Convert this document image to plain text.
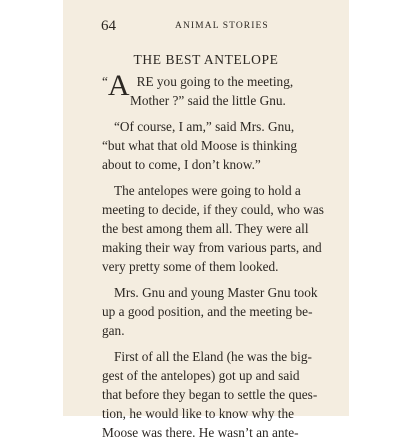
64	ANIMAL STORIES
THE BEST ANTELOPE
“A RE you going to the meeting,
Mother ?” said the little Gnu.
“Of course, I am,” said Mrs. Gnu,
“but what that old Moose is thinking
about to come, I don’t know.”
The antelopes were going to hold a
meeting to decide, if they could, who was
the best among them all. They were all
making their way from various parts, and
very pretty some of them looked.
Mrs. Gnu and young Master Gnu took
up a good position, and the meeting be-
gan.
First of all the Eland (he was the big-
gest of the antelopes) got up and said
that before they began to settle the ques-
tion, he would like to know why the
Moose was there. He wasn’t an ante-
